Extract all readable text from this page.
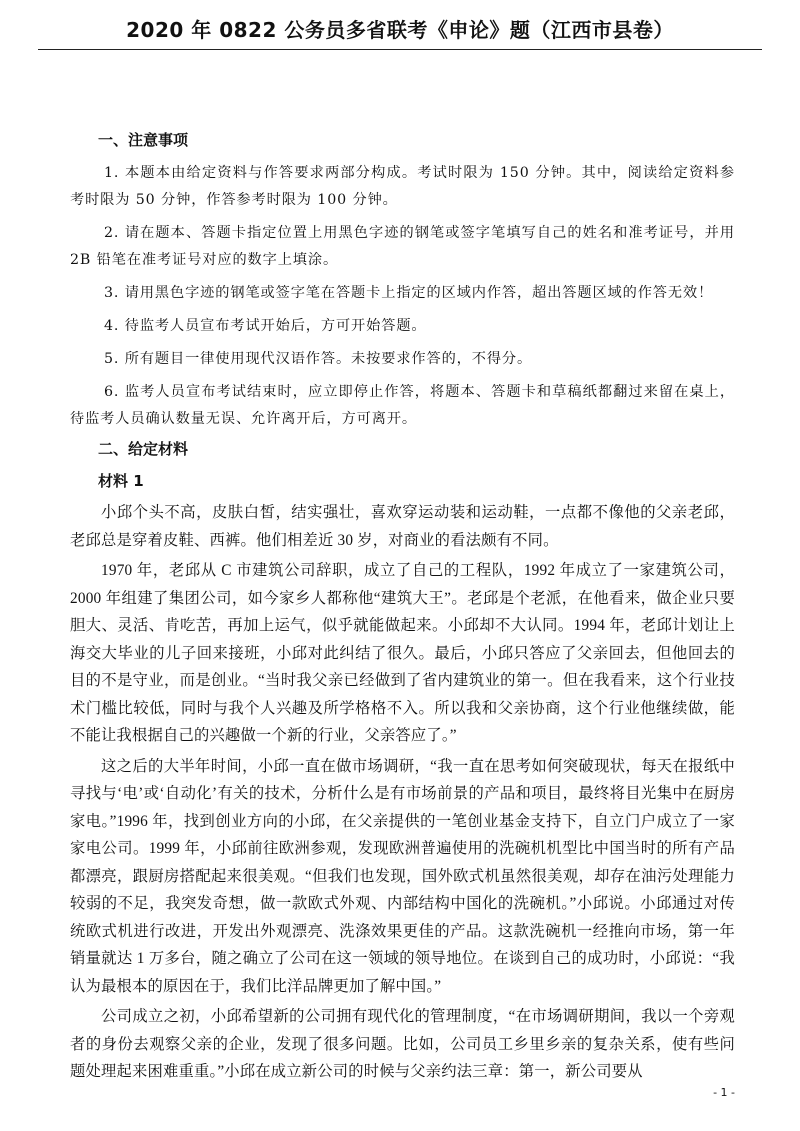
2020 年 0822 公务员多省联考《申论》题（江西市县卷）
一、注意事项

1. 本题本由给定资料与作答要求两部分构成。考试时限为 150 分钟。其中，阅读给定资料参考时限为 50 分钟，作答参考时限为 100 分钟。

2. 请在题本、答题卡指定位置上用黑色字迹的钢笔或签字笔填写自己的姓名和准考证号，并用 2B 铅笔在准考证号对应的数字上填涂。

3. 请用黑色字迹的钢笔或签字笔在答题卡上指定的区域内作答，超出答题区域的作答无效！

4. 待监考人员宣布考试开始后，方可开始答题。

5. 所有题目一律使用现代汉语作答。未按要求作答的，不得分。

6. 监考人员宣布考试结束时，应立即停止作答，将题本、答题卡和草稿纸都翻过来留在桌上，待监考人员确认数量无误、允许离开后，方可离开。

二、给定材料
材料 1

小邱个头不高，皮肤白皙，结实强壮，喜欢穿运动装和运动鞋，一点都不像他的父亲老邱，老邱总是穿着皮鞋、西裤。他们相差近 30 岁，对商业的看法颇有不同。

1970 年，老邱从 C 市建筑公司辞职，成立了自己的工程队，1992 年成立了一家建筑公司，2000 年组建了集团公司，如今家乡人都称他“建筑大王”。老邱是个老派，在他看来，做企业只要胆大、灵活、肯吃苦，再加上运气，似乎就能做起来。小邱却不大认同。1994 年，老邱计划让上海交大毕业的儿子回来接班，小邱对此纠结了很久。最后，小邱只答应了父亲回去，但他回去的目的不是守业，而是创业。“当时我父亲已经做到了省内建筑业的第一。但在我看来，这个行业技术门槛比较低，同时与我个人兴趣及所学格格不入。所以我和父亲协商，这个行业他继续做，能不能让我根据自己的兴趣做一个新的行业，父亲答应了。”

这之后的大半年时间，小邱一直在做市场调研，“我一直在思考如何突破现状，每天在报纸中寻找与‘电’或‘自动化’有关的技术，分析什么是有市场前景的产品和项目，最终将目光集中在厨房家电。”1996 年，找到创业方向的小邱，在父亲提供的一笔创业基金支持下，自立门户成立了一家家电公司。1999 年，小邱前往欧洲参观，发现欧洲普遍使用的洗碗机机型比中国当时的所有产品都漂亮，跟厨房搭配起来很美观。“但我们也发现，国外欧式机虽然很美观，却存在油污处理能力较弱的不足，我突发奇想，做一款欧式外观、内部结构中国化的洗碗机。”小邱说。小邱通过对传统欧式机进行改进，开发出外观漂亮、洗涤效果更佳的产品。这款洗碗机一经推向市场，第一年销量就达 1 万多台，随之确立了公司在这一领域的领导地位。在谈到自己的成功时，小邱说：“我认为最根本的原因在于，我们比洋品牌更加了解中国。”

公司成立之初，小邱希望新的公司拥有现代化的管理制度，“在市场调研期间，我以一个旁观者的身份去观察父亲的企业，发现了很多问题。比如，公司员工乡里乡亲的复杂关系，使有些问题处理起来困难重重。”小邱在成立新公司的时候与父亲约法三章：第一，新公司要从

- 1 -
